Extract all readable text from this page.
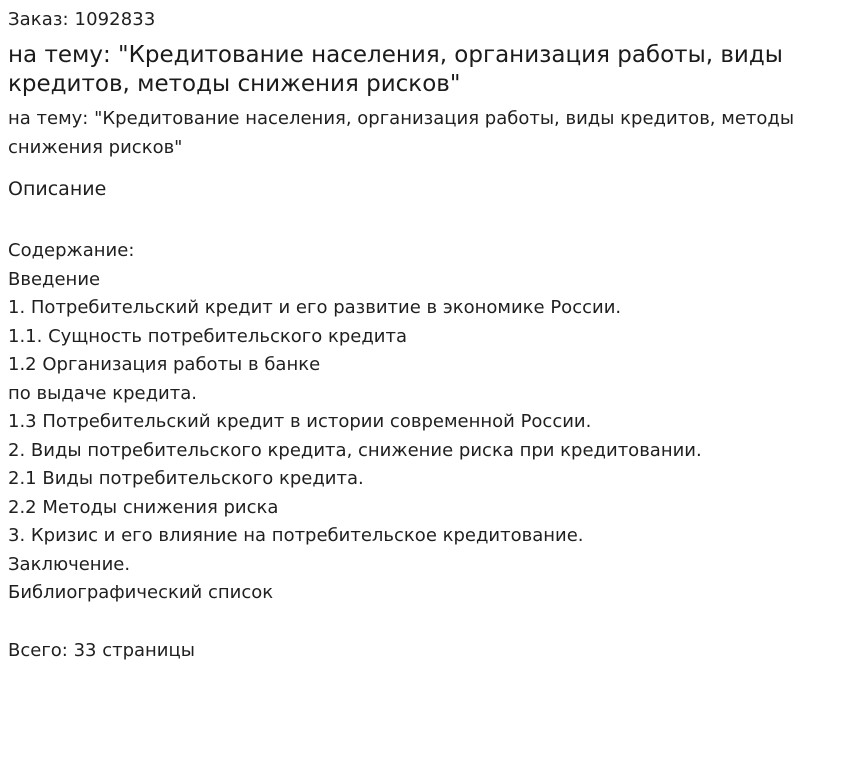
Заказ: 1092833

на тему: "Кредитование населения, организация работы, виды кредитов, методы снижения рисков"

на тему: "Кредитование населения, организация работы, виды кредитов, методы снижения рисков"

Описание

Содержание:
Введение
1. Потребительский кредит и его развитие в экономике России.
1.1. Сущность потребительского кредита
1.2 Организация работы в банке
по выдаче кредита.
1.3 Потребительский кредит в истории современной России.
2. Виды потребительского кредита, снижение риска при кредитовании.
2.1 Виды потребительского кредита.
2.2 Методы снижения риска
3. Кризис и его влияние на потребительское кредитование.
Заключение.
Библиографический список

Всего: 33 страницы
